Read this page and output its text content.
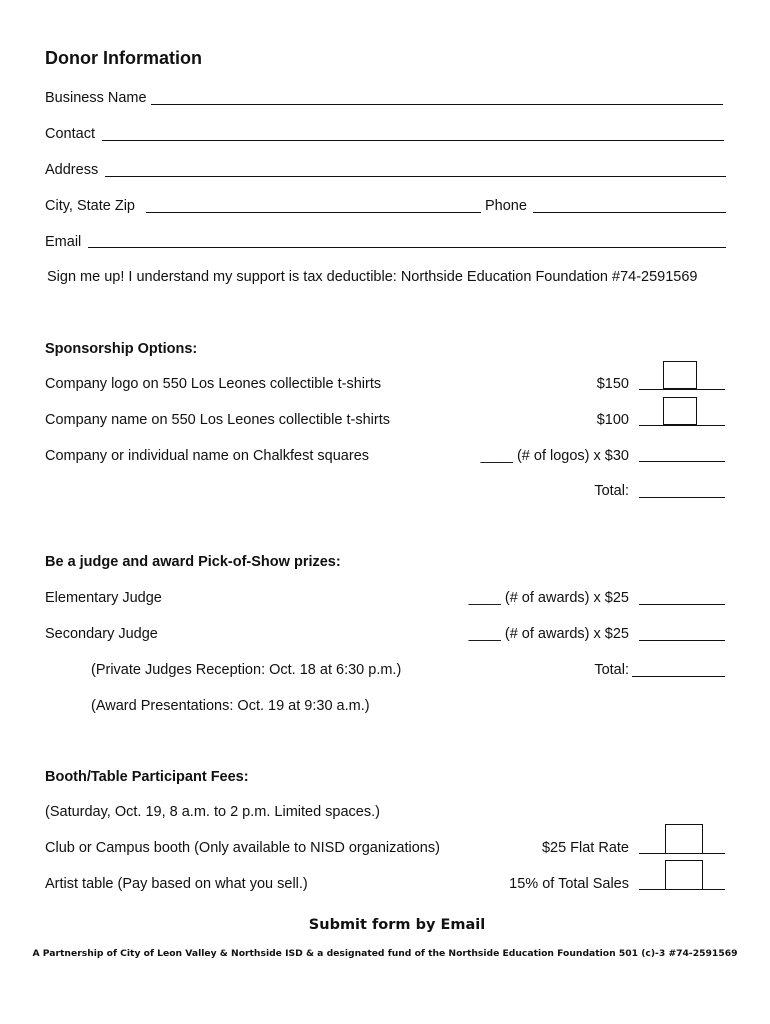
Donor Information
Business Name
Contact
Address
City, State Zip	Phone
Email
Sign me up! I understand my support is tax deductible: Northside Education Foundation #74-2591569
Sponsorship Options:
Company logo on 550 Los Leones collectible t-shirts	$150
Company name on 550 Los Leones collectible t-shirts	$100
Company or individual name on Chalkfest squares	____ (# of logos) x $30
Total:
Be a judge and award Pick-of-Show prizes:
Elementary Judge	____ (# of awards) x $25
Secondary Judge	____ (# of awards) x $25
(Private Judges Reception: Oct. 18 at 6:30 p.m.)	Total:
(Award Presentations: Oct. 19 at 9:30 a.m.)
Booth/Table Participant Fees:
(Saturday, Oct. 19, 8 a.m. to 2 p.m. Limited spaces.)
Club or Campus booth (Only available to NISD organizations)	$25 Flat Rate
Artist table (Pay based on what you sell.)	15% of Total Sales
Submit form by Email
A Partnership of City of Leon Valley & Northside ISD & a designated fund of the Northside Education Foundation 501 (c)-3 #74-2591569
